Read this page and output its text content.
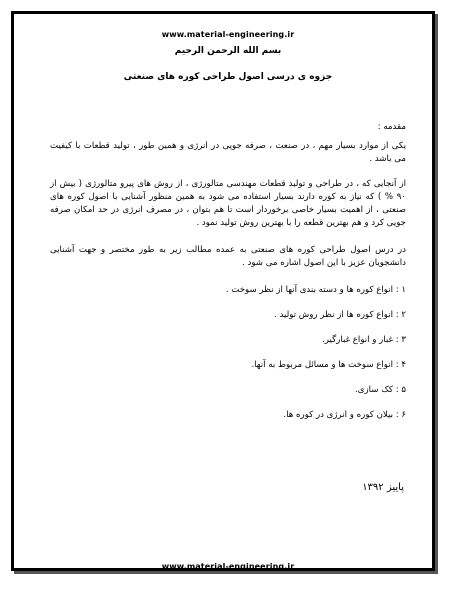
www.material-engineering.ir
بسم الله الرحمن الرحيم
جزوه ی درسی اصول طراحی کوره های صنعتی

مقدمه :

یکی از موارد بسیار مهم ، در صنعت ، صرفه جویی در انرژی و همین طور ، تولید قطعات با کیفیت می باشد .

از آنجایی که ، در طراحی و تولید قطعات مهندسی متالورژی ، از روش های پیرو متالورژی ( بیش از ۹۰ % ) که نیاز به کوره دارند بسیار استفاده می شود به همین منظور آشنایی با اصول کوره های صنعتی ، از اهمیت بسیار خاصی برخوردار است تا هم بتوان ، در مصرف انرژی در حد امکان صرفه جویی کرد و هم بهترین قطعه را با بهترین روش تولید نمود .

در درس اصول طراحی کوره های صنعتی به عمده مطالب زیر به طور مختصر و جهت آشنایی دانشجویان عزیز با این اصول اشاره می شود .

۱ : انواع کوره ها و دسته بندی آنها از نظر سوخت .
۲ : انواع کوره ها از نظر روش تولید .
۳ : غبار و انواع غبارگیر.
۴ : انواع سوخت ها و مسائل مربوط به آنها.
۵ : کک سازی.
۶ : بیلان کوره و انرژی در کوره ها.
پاییز ۱۳۹۲
www.material-engineering.ir
